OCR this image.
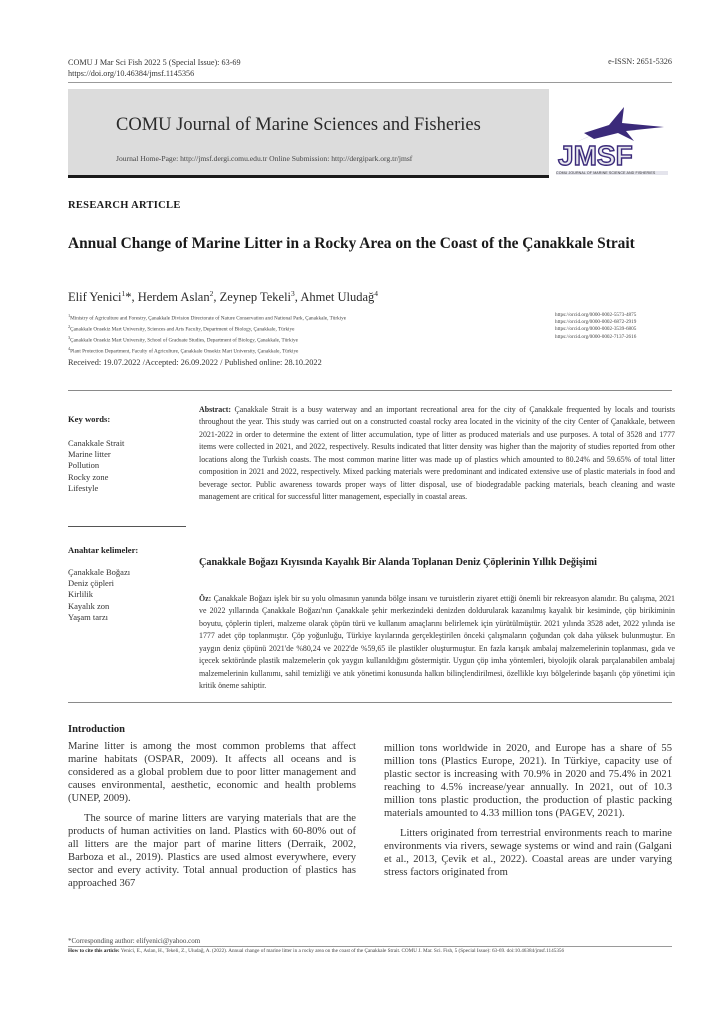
COMU J Mar Sci Fish 2022 5 (Special Issue): 63-69
https://doi.org/10.46384/jmsf.1145356
e-ISSN: 2651-5326
COMU Journal of Marine Sciences and Fisheries
Journal Home-Page: http://jmsf.dergi.comu.edu.tr Online Submission: http://dergipark.org.tr/jmsf	JMSF
COMU JOURNAL OF MARINE SCIENCE AND FISHERIES
RESEARCH ARTICLE
Annual Change of Marine Litter in a Rocky Area on the Coast of the Çanakkale Strait
Elif Yenici$^1$*, Herdem Aslan$^2$, Zeynep Tekeli$^3$, Ahmet Uludağ$^4$
$^1$Ministry of Agriculture and Forestry, Çanakkale Division Directorate of Nature Conservation and National Park, Çanakkale, Türkiye
$^2$Çanakkale Onsekiz Mart University, Sciences and Arts Faculty, Department of Biology, Çanakkale, Türkiye
$^3$Çanakkale Onsekiz Mart University, School of Graduate Studies, Department of Biology, Çanakkale, Türkiye
$^4$Plant Protection Department, Faculty of Agriculture, Çanakkale Onsekiz Mart University, Çanakkale, Türkiye
https://orcid.org/0000-0002-5573-4875
https://orcid.org/0000-0002-6872-2919
https://orcid.org/0000-0002-3539-6805
https://orcid.org/0000-0002-7137-2616
Received: 19.07.2022 /Accepted: 26.09.2022 / Published online: 28.10.2022
Key words:
Canakkale Strait
Marine litter
Pollution
Rocky zone
Lifestyle
Abstract: Çanakkale Strait is a busy waterway and an important recreational area for the city of Çanakkale frequented by locals and tourists throughout the year. This study was carried out on a constructed coastal rocky area located in the vicinity of the city Center of Çanakkale, between 2021-2022 in order to determine the extent of litter accumulation, type of litter as produced materials and use purposes. A total of 3528 and 1777 items were collected in 2021, and 2022, respectively. Results indicated that litter density was higher than the majority of studies reported from other locations along the Turkish coasts. The most common marine litter was made up of plastics which amounted to 80.24% and 59.65% of total litter composition in 2021 and 2022, respectively. Mixed packing materials were predominant and indicated extensive use of plastic materials in food and beverage sector. Public awareness towards proper ways of litter disposal, use of biodegradable packing materials, beach cleaning and waste management are critical for successful litter management, especially in coastal areas.
Anahtar kelimeler:
Çanakkale Boğazı
Deniz çöpleri
Kirlilik
Kayalık zon
Yaşam tarzı
Çanakkale Boğazı Kıyısında Kayalık Bir Alanda Toplanan Deniz Çöplerinin Yıllık Değişimi
Öz: Çanakkale Boğazı işlek bir su yolu olmasının yanında bölge insanı ve turuistlerin ziyaret ettiği önemli bir rekreasyon alanıdır. Bu çalışma, 2021 ve 2022 yıllarında Çanakkale Boğazı'nın Çanakkale şehir merkezindeki denizden doldurularak kazanılmış kayalık bir kesiminde, çöp birikiminin boyutu, çöplerin tipleri, malzeme olarak çöpün türü ve kullanım amaçlarını belirlemek için yürütülmüştür. 2021 yılında 3528 adet, 2022 yılında ise 1777 adet çöp toplanmıştır. Çöp yoğunluğu, Türkiye kıyılarında gerçekleştirilen önceki çalışmaların çoğundan çok daha yüksek bulunmuştur. En yaygın deniz çöpünü 2021'de %80,24 ve 2022'de %59,65 ile plastikler oluşturmuştur. En fazla karışık ambalaj malzemelerinin toplanması, gıda ve içecek sektöründe plastik malzemelerin çok yaygın kullanıldığını göstermiştir. Uygun çöp imha yöntemleri, biyolojik olarak parçalanabilen ambalaj malzemelerinin kullanımı, sahil temizliği ve atık yönetimi konusunda halkın bilinçlendirilmesi, özellikle kıyı bölgelerinde başarılı çöp yönetimi için kritik öneme sahiptir.
Introduction

Marine litter is among the most common problems that affect marine habitats (OSPAR, 2009). It affects all oceans and is considered as a global problem due to poor litter management and causes environmental, aesthetic, economic and health problems (UNEP, 2009).

The source of marine litters are varying materials that are the products of human activities on land. Plastics with 60-80% out of all litters are the major part of marine litters (Derraik, 2002, Barboza et al., 2019). Plastics are used almost everywhere, every sector and every activity. Total annual production of plastics has approached 367

million tons worldwide in 2020, and Europe has a share of 55 million tons (Plastics Europe, 2021). In Türkiye, capacity use of plastic sector is increasing with 70.9% in 2020 and 75.4% in 2021 reaching to 4.5% increase/year annually. In 2021, out of 10.3 million tons plastic production, the production of plastic packing materials amounted to 4.33 million tons (PAGEV, 2021).

Litters originated from terrestrial environments reach to marine environments via rivers, sewage systems or wind and rain (Galgani et al., 2013, Çevik et al., 2022). Coastal areas are under varying stress factors originated from

*Corresponding author: elifyenici@yahoo.com
How to cite this article: Yenici, E., Aslan, H., Tekeli, Z., Uludağ, A. (2022). Annual change of marine litter in a rocky area on the coast of the Çanakkale Strait. COMU J. Mar. Sci. Fish, 5 (Special Issue): 63-69. doi:10.46384/jmsf.1145356
